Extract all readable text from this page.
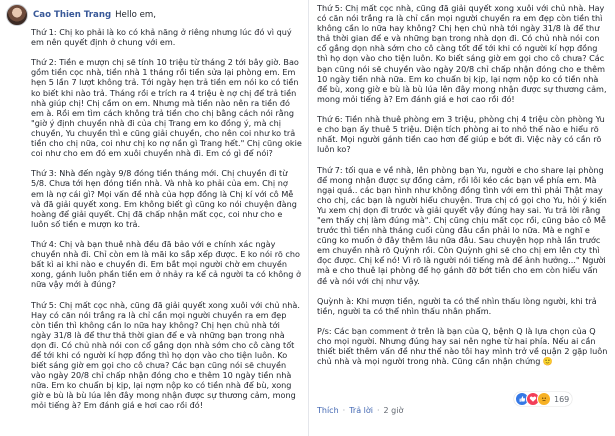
Cao Thien Trang Hello em,

Thứ 1: Chị ko phải là ko có khả năng ở riêng nhưng lúc đó vì quý em nên quyết định ở chung với em.

Thứ 2: Tiền e mượn chị sẽ tính 10 triệu từ tháng 2 tới bây giờ. Bao gồm tiền cọc nhà, tiền nhà 1 tháng rồi tiền sửa lại phòng em. Em hẹn 5 lần 7 lượt không trả. Tới ngày hẹn trả tiền em nói ko có tiền ko biết khi nào trả. Tháng rồi e trích ra 4 triệu è nợ chị để trả tiền nhà giúp chị! Chị cầm on em. Nhưng mà tiền nào nên ra tiền đó em à. Rồi em tìm cách không trả tiền cho chị bằng cách nói rằng "giờ ý định chuyền nhà đi của chị Trang em ko đồng ý, mà chị chuyền, Yu chuyền thì e cũng giải chuyền, cho nên coi như ko trả tiền cho chị nữa, coi như chị ko nợ nần gì Trang hết." Chị cũng okie coi như cho em đó em xuôi chuyền nhà đi. Em có gì để nói?

Thứ 3: Nhà đến ngày 9/8 đóng tiền tháng mới. Chị chuyền đi từ 5/8. Chưa tới hẹn đóng tiền nhà. Và nhà ko phải của em. Chị nợ em là nợ cái gì? Mọi vấn đề nhà của hợp đồng là Chị kí với cô Mễ và đã giải quyết xong. Em không biết gì cũng ko nói chuyện đàng hoàng để giải quyết. Chị đã chấp nhận mất cọc, coi như cho e luôn số tiền e mượn ko trả.

Thứ 4: Chị và bạn thuê nhà đều đã bảo với e chính xác ngày chuyền nhà đi. Chỉ còn em là mãi ko sắp xếp được. E ko nói rõ cho bất kì ai khi nào e chuyền đi. Em bắt mọi người chờ em chuyền xong, gánh luôn phần tiền em ở nhảy ra kể cả người ta có không ở nữa vậy mới à đúng?

Thứ 5: Chị mất cọc nhà, cũng đã giải quyết xong xuôi với chủ nhà. Hay có căn nói trắng ra là chỉ cần mọi người chuyền ra em đẹp còn tiền thì không cần lo nữa hay không? Chị hẹn chủ nhà tới ngày 31/8 là để thư thả thời gian để e và những bạn trong nhà dọn đi. Có chủ nhà nói con cổ gắng dọn nhà sớm cho cô càng tốt để tới khi có người kí hợp đồng thì họ dọn vào cho tiện luôn. Ko biết sáng giờ em gọi cho cô chưa? Các bạn cũng nói sẽ chuyền vào ngày 20/8 chỉ chấp nhận đóng cho e thêm 10 ngày tiền nhà nữa. Em ko chuẩn bị kịp, lại nợm nộp ko có tiền nhà để bù, xong giờ e bù là bù lúa lên đây mong nhận được sự thương cảm, mong mỏi tiếng à? Em đánh giá e hơi cao rồi đó!

Thứ 5: Chị mất cọc nhà, cũng đã giải quyết xong xuôi với chủ nhà. Hay có căn nói trắng ra là chỉ cần mọi người chuyền ra em đẹp còn tiền thì không cần lo nữa hay không? Chị hẹn chủ nhà tới ngày 31/8 là để thư thả thời gian để e và những bạn trong nhà dọn đi. Có chủ nhà nói con cổ gắng dọn nhà sớm cho cô càng tốt để tới khi có người kí hợp đồng thì họ dọn vào cho tiện luôn. Ko biết sáng giờ em gọi cho cô chưa? Các bạn cũng nói sẽ chuyền vào ngày 20/8 chỉ chấp nhận đóng cho e thêm 10 ngày tiền nhà nữa. Em ko chuẩn bị kịp, lại nợm nộp ko có tiền nhà để bù, xong giờ e bù là bù lúa lên đây mong nhận được sự thương cảm, mong mỏi tiếng à? Em đánh giá e hơi cao rồi đó!

Thứ 6: Tiền nhà thuê phòng em 3 triệu, phòng chị 4 triệu còn phòng Yu e cho bạn ấy thuê 5 triệu. Diện tích phòng ai to nhỏ thế nào e hiểu rõ nhất. Mọi người gánh tiền cao hơn để giúp e bớt đi. Việc này có cần rõ luôn ko?

Thứ 7: tối qua e về nhà, lên phòng bạn Yu, người e cho share lại phòng để mong nhận được sự đồng cảm, rồi lôi kéo các bạn về phía em. Mà ngại quá.. các bạn hình như không đồng tình với em thì phải Thật may cho chị, các bạn là người hiểu chuyện. Trưa chị có gọi cho Yu, hỏi ý kiến Yu xem chị dọn đi trước và giải quyết vậy đúng hay sai. Yu trả lời rằng "em thấy chị làm đúng mà". Chị cũng chịu mất cọc rồi, cũng bảo cô Mễ trước thì tiền nhà tháng cuối cùng đâu cần phải lo nữa. Mà e nghĩ e cũng ko muốn ở đây thêm lâu nữa đâu. Sau chuyện họp nhà lần trước em chuyền nhà rõ Quỳnh rồi. Còn Quỳnh ghi sẽ cho chị em lên cty thì đọc được. Chị kể nó! Vì rõ là người nói tiếng mà để ảnh hưởng..." Người mà e cho thuê lại phòng để họ gánh đỡ bớt tiền cho em còn hiểu vấn đề và nói với chị như vậy.

Quỳnh à: Khi mượn tiền, người ta có thể nhìn thấu lòng người, khi trả tiền, người ta có thể nhìn thấu nhân phẩm.

P/s: Các bạn comment ở trên là bạn của Q, bệnh Q là lựa chọn của Q cho mọi người. Nhưng đúng hay sai nên nghe từ hai phía. Nếu ai cần thiết biết thêm vấn đề như thế nào tôi hay mình trở về quận 2 gặp luôn chủ nhà và mọi người trong nhà. Cũng cần nhận chứng 🙂

Thích · Trả lời · 2 giờ
169
